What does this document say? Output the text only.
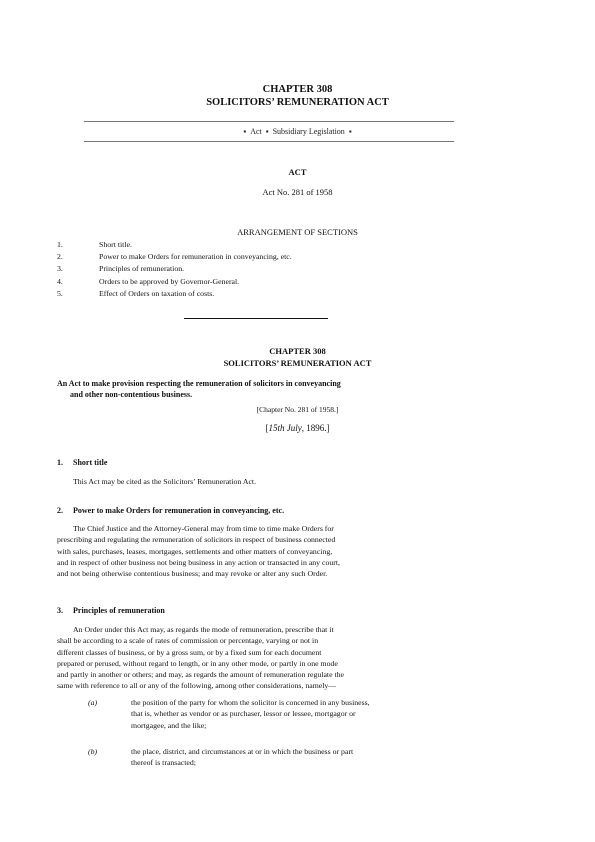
CHAPTER 308
SOLICITORS’ REMUNERATION ACT
▪ Act ▪ Subsidiary Legislation ▪
ACT
Act No. 281 of 1958
ARRANGEMENT OF SECTIONS
1.	Short title.
2.	Power to make Orders for remuneration in conveyancing, etc.
3.	Principles of remuneration.
4.	Orders to be approved by Governor-General.
5.	Effect of Orders on taxation of costs.
CHAPTER 308
SOLICITORS’ REMUNERATION ACT
An Act to make provision respecting the remuneration of solicitors in conveyancing
and other non-contentious business.
[Chapter No. 281 of 1958.]
[15th July, 1896.]
1. Short title
This Act may be cited as the Solicitors’ Remuneration Act.
2. Power to make Orders for remuneration in conveyancing, etc.
The Chief Justice and the Attorney-General may from time to time make Orders for
prescribing and regulating the remuneration of solicitors in respect of business connected
with sales, purchases, leases, mortgages, settlements and other matters of conveyancing,
and in respect of other business not being business in any action or transacted in any court,
and not being otherwise contentious business; and may revoke or alter any such Order.
3. Principles of remuneration
An Order under this Act may, as regards the mode of remuneration, prescribe that it
shall be according to a scale of rates of commission or percentage, varying or not in
different classes of business, or by a gross sum, or by a fixed sum for each document
prepared or perused, without regard to length, or in any other mode, or partly in one mode
and partly in another or others; and may, as regards the amount of remuneration regulate the
same with reference to all or any of the following, among other considerations, namely—
(a)	the position of the party for whom the solicitor is concerned in any business,
that is, whether as vendor or as purchaser, lessor or lessee, mortgagor or
mortgagee, and the like;
(b)	the place, district, and circumstances at or in which the business or part
thereof is transacted;
